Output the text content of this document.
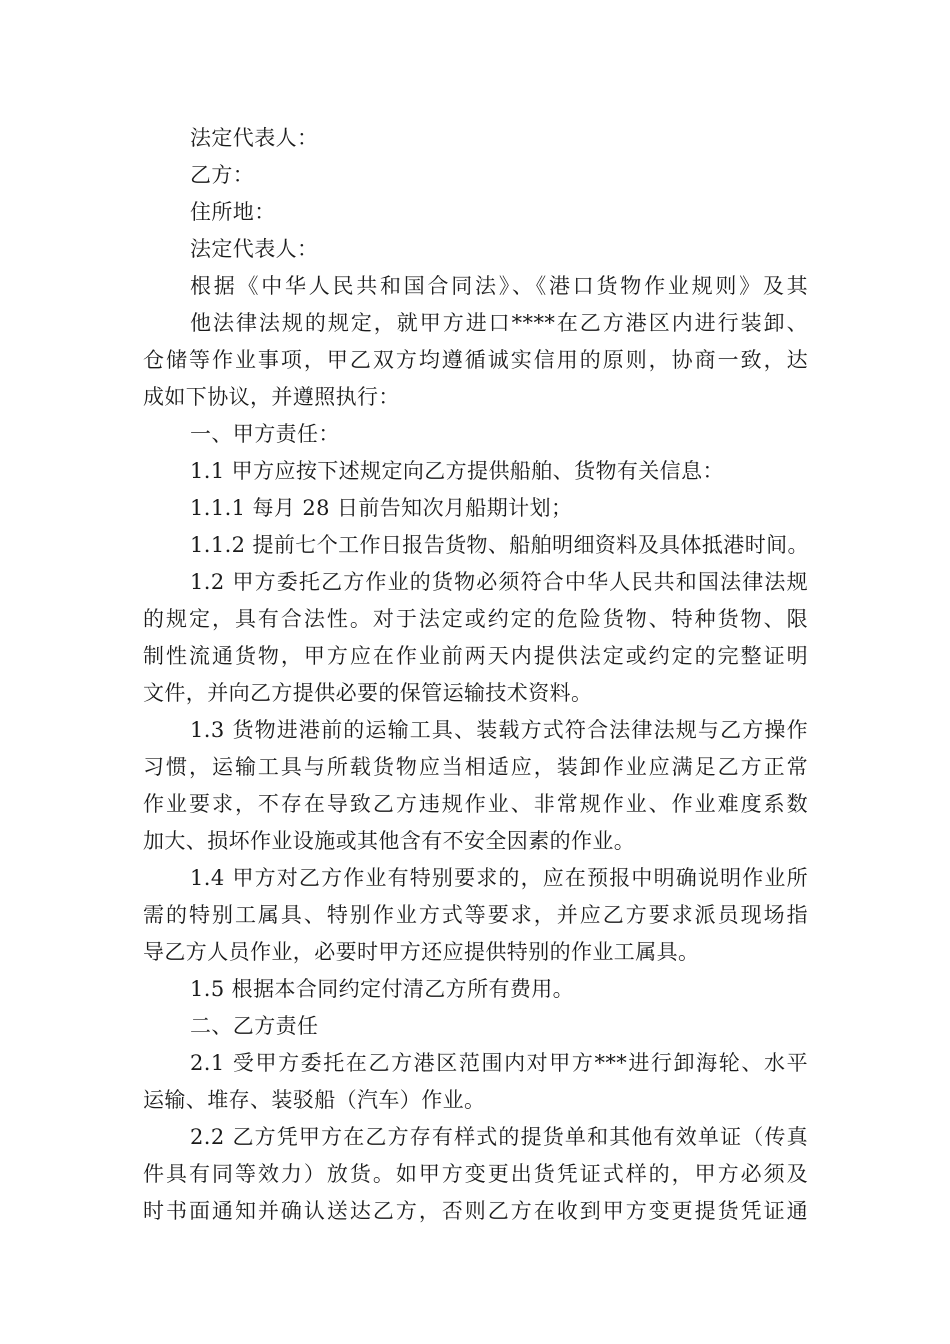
法定代表人：
乙方：
住所地：
法定代表人：
根据《中华人民共和国合同法》、《港口货物作业规则》及其
他法律法规的规定，就甲方进口****在乙方港区内进行装卸、
仓储等作业事项，甲乙双方均遵循诚实信用的原则，协商一致，达
成如下协议，并遵照执行：
一、甲方责任：
1.1 甲方应按下述规定向乙方提供船舶、货物有关信息：
1.1.1 每月 28 日前告知次月船期计划；
1.1.2 提前七个工作日报告货物、船舶明细资料及具体抵港时间。
1.2 甲方委托乙方作业的货物必须符合中华人民共和国法律法规
的规定，具有合法性。对于法定或约定的危险货物、特种货物、限
制性流通货物，甲方应在作业前两天内提供法定或约定的完整证明
文件，并向乙方提供必要的保管运输技术资料。
1.3 货物进港前的运输工具、装载方式符合法律法规与乙方操作
习惯，运输工具与所载货物应当相适应，装卸作业应满足乙方正常
作业要求，不存在导致乙方违规作业、非常规作业、作业难度系数
加大、损坏作业设施或其他含有不安全因素的作业。
1.4 甲方对乙方作业有特别要求的，应在预报中明确说明作业所
需的特别工属具、特别作业方式等要求，并应乙方要求派员现场指
导乙方人员作业，必要时甲方还应提供特别的作业工属具。
1.5 根据本合同约定付清乙方所有费用。
二、乙方责任
2.1 受甲方委托在乙方港区范围内对甲方***进行卸海轮、水平
运输、堆存、装驳船（汽车）作业。
2.2 乙方凭甲方在乙方存有样式的提货单和其他有效单证（传真
件具有同等效力）放货。如甲方变更出货凭证式样的，甲方必须及
时书面通知并确认送达乙方，否则乙方在收到甲方变更提货凭证通
